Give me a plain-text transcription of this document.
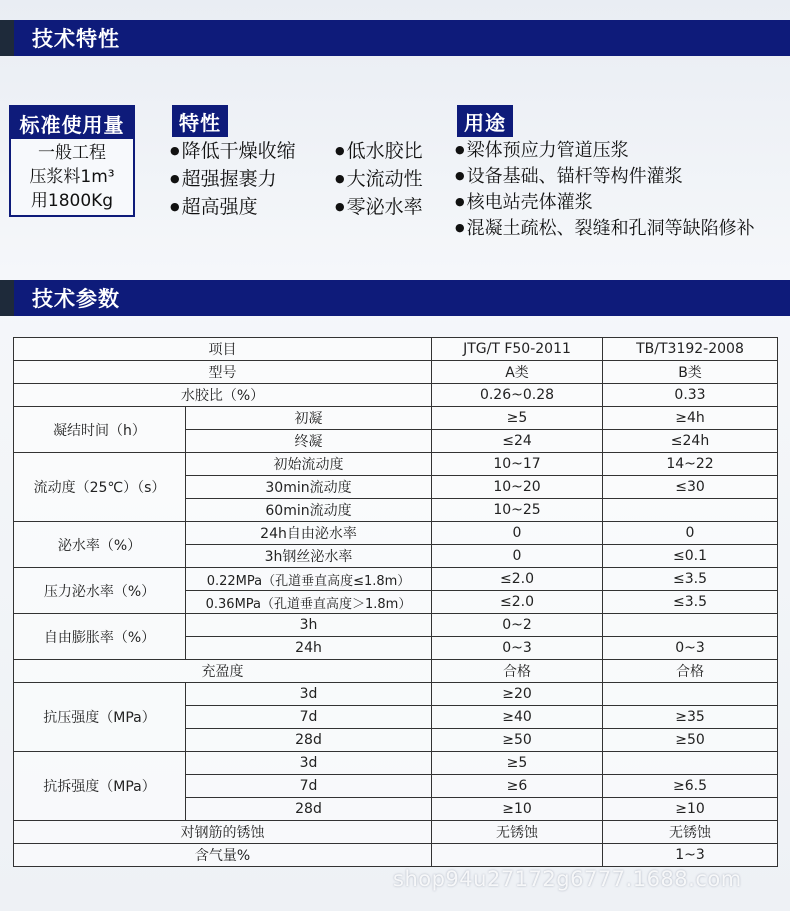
技术特性
标准使用量
一般工程
压浆料1m³
用1800Kg
特性
● 降低干燥收缩
● 超强握裹力
● 超高强度
● 低水胶比
● 大流动性
● 零泌水率
用途
● 梁体预应力管道压浆
● 设备基础、锚杆等构件灌浆
● 核电站壳体灌浆
● 混凝土疏松、裂缝和孔洞等缺陷修补
技术参数
项目		JTG/T F50-2011	TB/T3192-2008
型号		A类	B类
水胶比（%）		0.26~0.28	0.33
凝结时间（h）	初凝	≥5	≥4h
	终凝	≤24	≤24h
流动度（25℃）（s）	初始流动度	10~17	14~22
	30min流动度	10~20	≤30
	60min流动度	10~25	
泌水率（%）	24h自由泌水率	0	0
	3h钢丝泌水率	0	≤0.1
压力泌水率（%）	0.22MPa（孔道垂直高度≤1.8m）	≤2.0	≤3.5
	0.36MPa（孔道垂直高度＞1.8m）	≤2.0	≤3.5
自由膨胀率（%）	3h	0~2	
	24h	0~3	0~3
充盈度		合格	合格
抗压强度（MPa）	3d	≥20	
	7d	≥40	≥35
	28d	≥50	≥50
抗拆强度（MPa）	3d	≥5	
	7d	≥6	≥6.5
	28d	≥10	≥10
对钢筋的锈蚀		无锈蚀	无锈蚀
含气量%			1~3
shop94u27172g6777.1688.com
